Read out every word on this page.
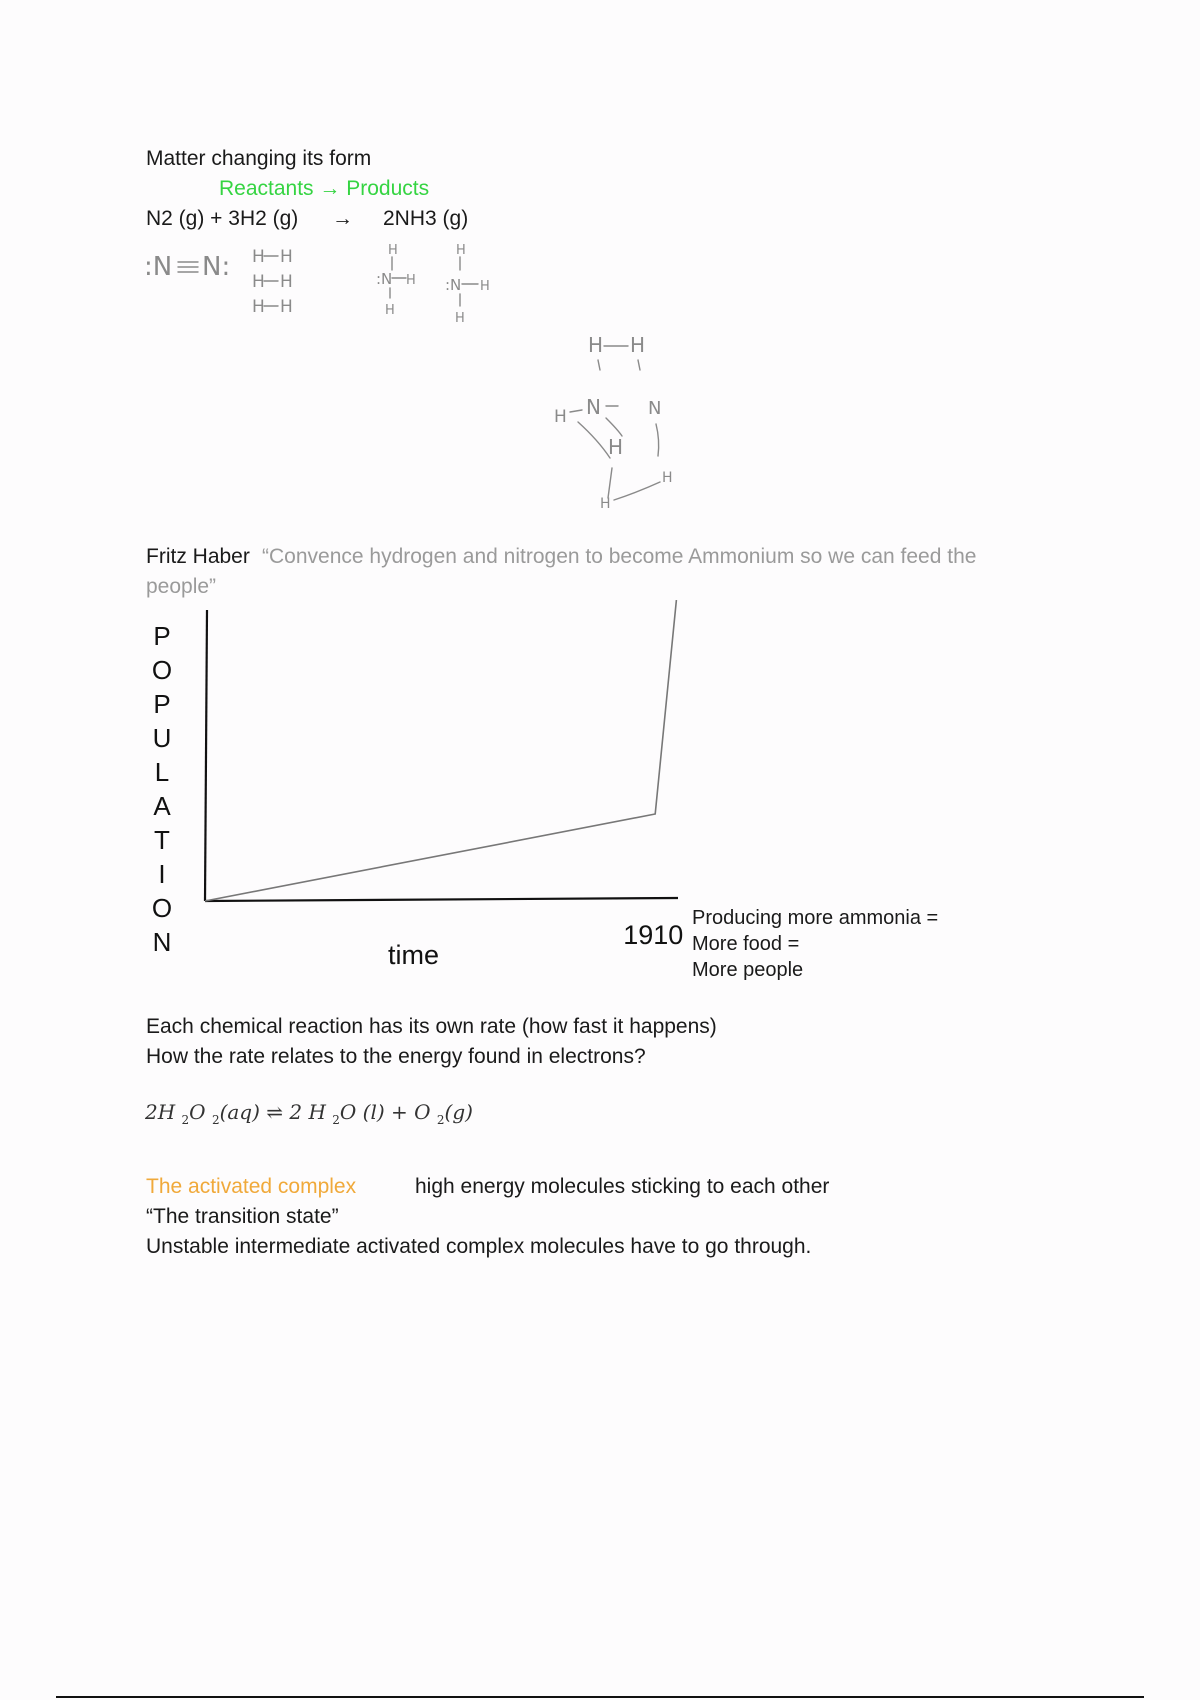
Matter changing its form
Reactants → Products
N2 (g) + 3H2 (g) → 2NH3 (g)
:N N: H H
H H
H H
H
:N H
H
H
:N H
H
H H
H N	N
H
H
H
Fritz Haber “Convence hydrogen and nitrogen to become Ammonium so we can feed the
people”
P
O
P
U
L
A
T
I
O
N	time
1910
Producing more ammonia =
More food =
More people
Each chemical reaction has its own rate (how fast it happens)
How the rate relates to the energy found in electrons?
2H $_2$O $_2$(aq) ⇌ 2 H $_2$O (l) + O $_2$(g)
The activated complex	high energy molecules sticking to each other
“The transition state”
Unstable intermediate activated complex molecules have to go through.
